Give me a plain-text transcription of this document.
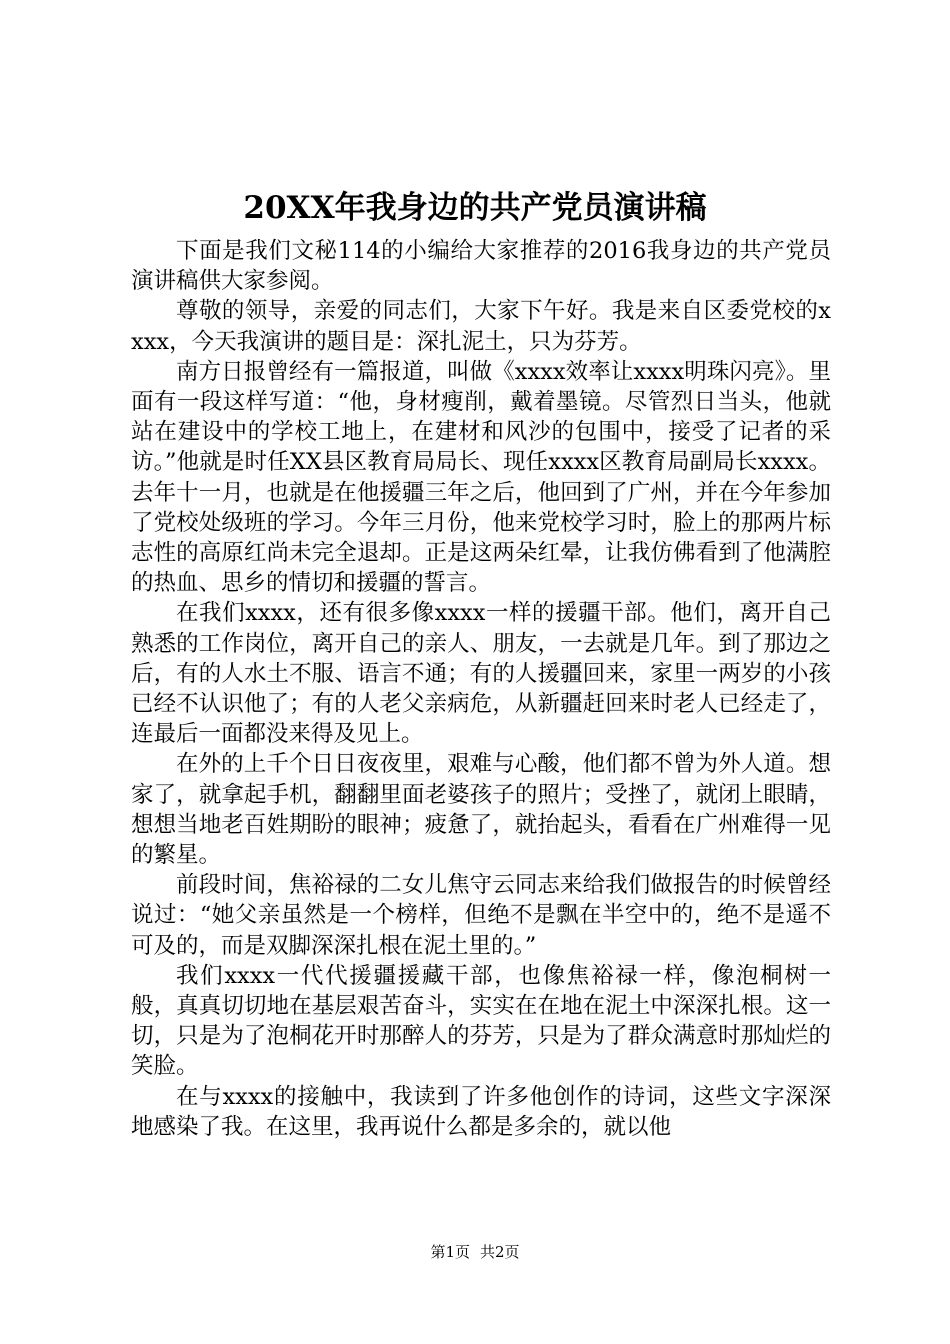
20XX年我身边的共产党员演讲稿

下面是我们文秘114的小编给大家推荐的2016我身边的共产党员演讲稿供大家参阅。

尊敬的领导，亲爱的同志们，大家下午好。我是来自区委党校的xxxx，今天我演讲的题目是：深扎泥土，只为芬芳。

南方日报曾经有一篇报道，叫做《xxxx效率让xxxx明珠闪亮》。里面有一段这样写道：“他，身材瘦削，戴着墨镜。尽管烈日当头，他就站在建设中的学校工地上，在建材和风沙的包围中，接受了记者的采访。”他就是时任XX县区教育局局长、现任xxxx区教育局副局长xxxx。去年十一月，也就是在他援疆三年之后，他回到了广州，并在今年参加了党校处级班的学习。今年三月份，他来党校学习时，脸上的那两片标志性的高原红尚未完全退却。正是这两朵红晕，让我仿佛看到了他满腔的热血、思乡的情切和援疆的誓言。

在我们xxxx，还有很多像xxxx一样的援疆干部。他们，离开自己熟悉的工作岗位，离开自己的亲人、朋友，一去就是几年。到了那边之后，有的人水土不服、语言不通；有的人援疆回来，家里一两岁的小孩已经不认识他了；有的人老父亲病危，从新疆赶回来时老人已经走了，连最后一面都没来得及见上。

在外的上千个日日夜夜里，艰难与心酸，他们都不曾为外人道。想家了，就拿起手机，翻翻里面老婆孩子的照片；受挫了，就闭上眼睛，想想当地老百姓期盼的眼神；疲惫了，就抬起头，看看在广州难得一见的繁星。

前段时间，焦裕禄的二女儿焦守云同志来给我们做报告的时候曾经说过：“她父亲虽然是一个榜样，但绝不是飘在半空中的，绝不是遥不可及的，而是双脚深深扎根在泥土里的。”

我们xxxx一代代援疆援藏干部，也像焦裕禄一样，像泡桐树一般，真真切切地在基层艰苦奋斗，实实在在地在泥土中深深扎根。这一切，只是为了泡桐花开时那醉人的芬芳，只是为了群众满意时那灿烂的笑脸。

在与xxxx的接触中，我读到了许多他创作的诗词，这些文字深深地感染了我。在这里，我再说什么都是多余的，就以他

第1页 共2页
